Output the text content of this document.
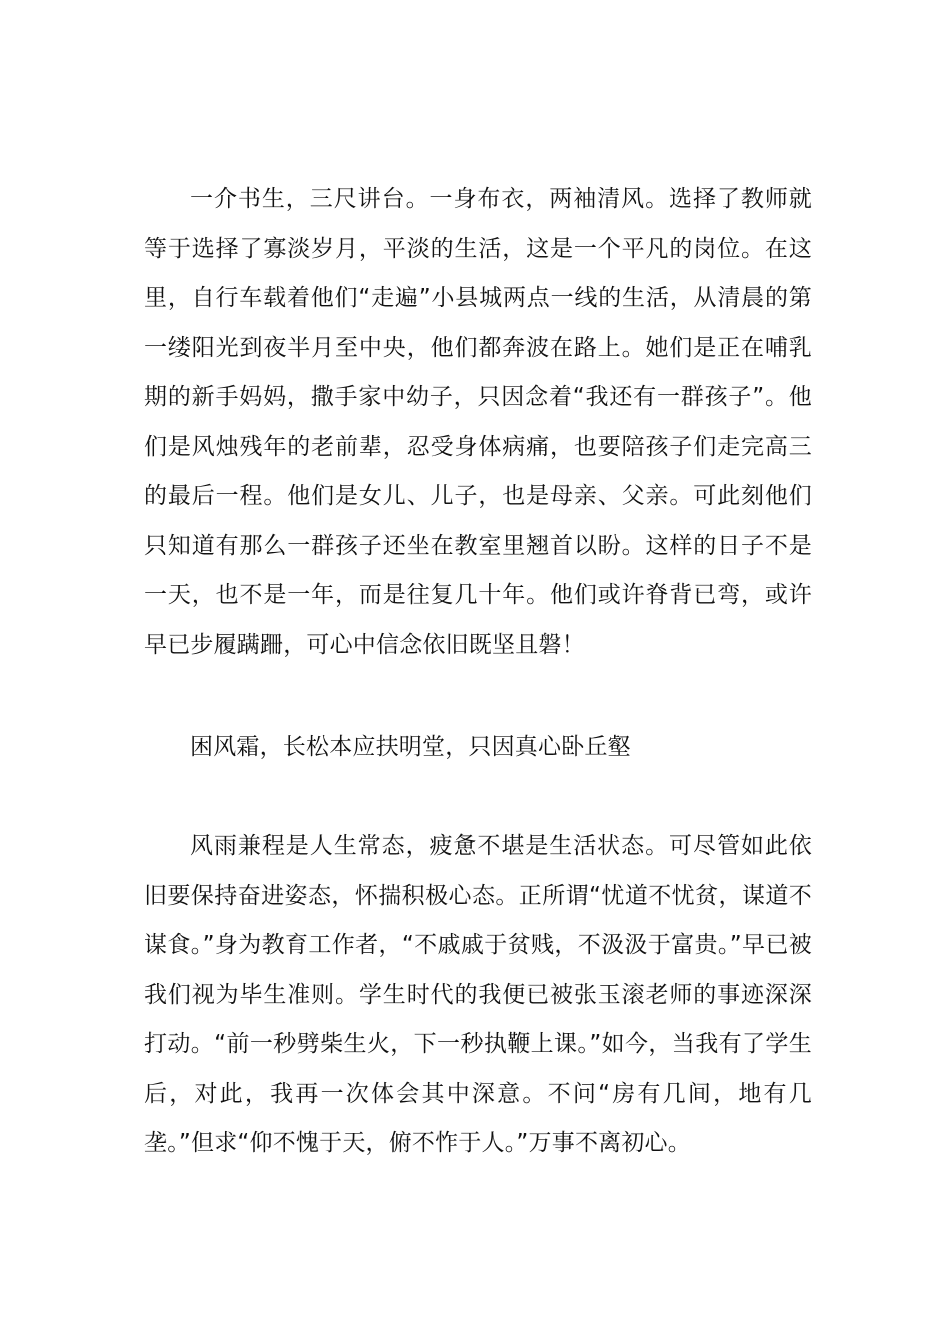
一介书生，三尺讲台。一身布衣，两袖清风。选择了教师就等于选择了寡淡岁月，平淡的生活，这是一个平凡的岗位。在这里，自行车载着他们“走遍”小县城两点一线的生活，从清晨的第一缕阳光到夜半月至中央，他们都奔波在路上。她们是正在哺乳期的新手妈妈，撒手家中幼子，只因念着“我还有一群孩子”。他们是风烛残年的老前辈，忍受身体病痛，也要陪孩子们走完高三的最后一程。他们是女儿、儿子，也是母亲、父亲。可此刻他们只知道有那么一群孩子还坐在教室里翘首以盼。这样的日子不是一天，也不是一年，而是往复几十年。他们或许脊背已弯，或许早已步履蹒跚，可心中信念依旧既坚且磐！

困风霜，长松本应扶明堂，只因真心卧丘壑

风雨兼程是人生常态，疲惫不堪是生活状态。可尽管如此依旧要保持奋进姿态，怀揣积极心态。正所谓“忧道不忧贫，谋道不谋食。”身为教育工作者，“不戚戚于贫贱，不汲汲于富贵。”早已被我们视为毕生准则。学生时代的我便已被张玉滚老师的事迹深深打动。“前一秒劈柴生火，下一秒执鞭上课。”如今，当我有了学生后，对此，我再一次体会其中深意。不问“房有几间，地有几垄。”但求“仰不愧于天，俯不怍于人。”万事不离初心。
